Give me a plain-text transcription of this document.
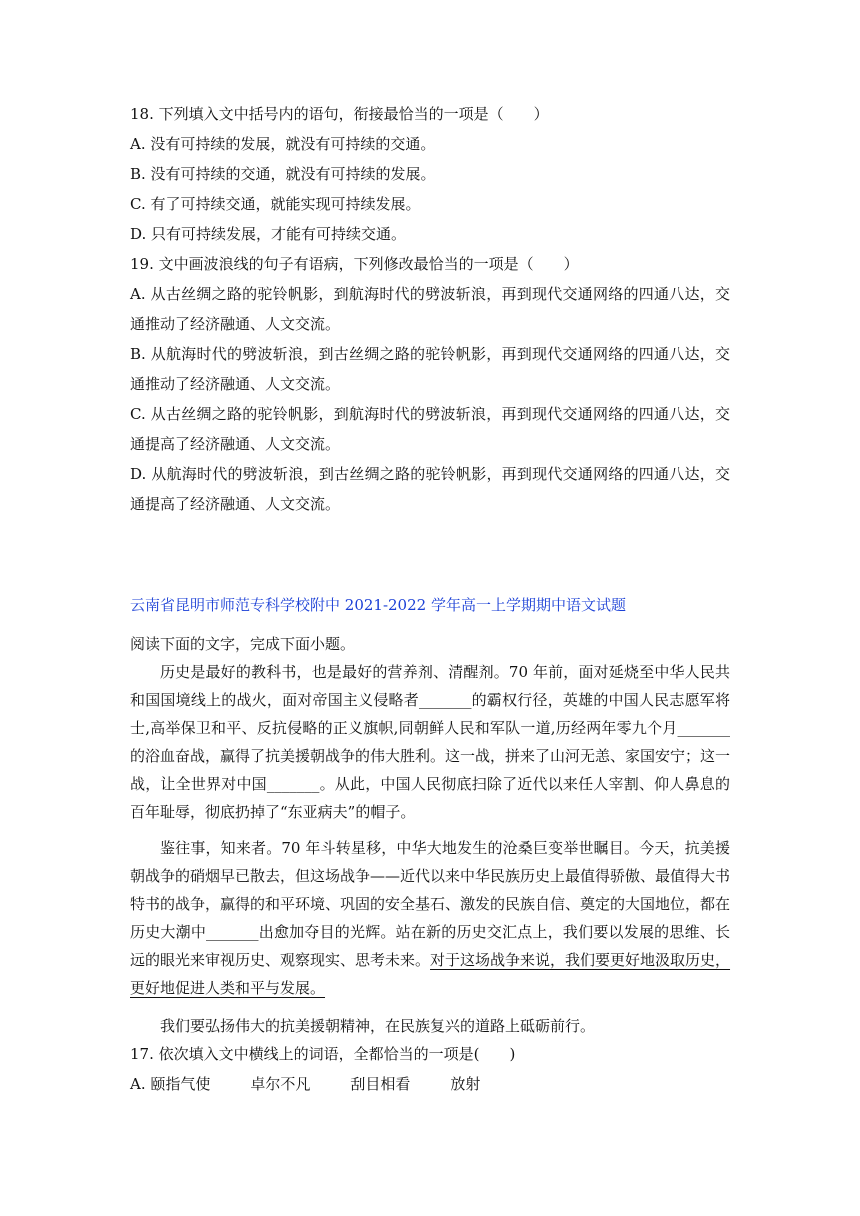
18. 下列填入文中括号内的语句，衔接最恰当的一项是（　　）

A. 没有可持续的发展，就没有可持续的交通。

B. 没有可持续的交通，就没有可持续的发展。

C. 有了可持续交通，就能实现可持续发展。

D. 只有可持续发展，才能有可持续交通。

19. 文中画波浪线的句子有语病，下列修改最恰当的一项是（　　）

A. 从古丝绸之路的驼铃帆影，到航海时代的劈波斩浪，再到现代交通网络的四通八达，交

通推动了经济融通、人文交流。

B. 从航海时代的劈波斩浪，到古丝绸之路的驼铃帆影，再到现代交通网络的四通八达，交

通推动了经济融通、人文交流。

C. 从古丝绸之路的驼铃帆影，到航海时代的劈波斩浪，再到现代交通网络的四通八达，交

通提高了经济融通、人文交流。

D. 从航海时代的劈波斩浪，到古丝绸之路的驼铃帆影，再到现代交通网络的四通八达，交

通提高了经济融通、人文交流。

云南省昆明市师范专科学校附中 2021-2022 学年高一上学期期中语文试题

阅读下面的文字，完成下面小题。

历史是最好的教科书，也是最好的营养剂、清醒剂。70 年前，面对延烧至中华人民共

和国国境线上的战火，面对帝国主义侵略者_______的霸权行径，英雄的中国人民志愿军将

士,高举保卫和平、反抗侵略的正义旗帜,同朝鲜人民和军队一道,历经两年零九个月_______

的浴血奋战，赢得了抗美援朝战争的伟大胜利。这一战，拼来了山河无恙、家国安宁；这一

战，让全世界对中国_______。从此，中国人民彻底扫除了近代以来任人宰割、仰人鼻息的

百年耻辱，彻底扔掉了“东亚病夫”的帽子。

鉴往事，知来者。70 年斗转星移，中华大地发生的沧桑巨变举世瞩目。今天，抗美援

朝战争的硝烟早已散去，但这场战争——近代以来中华民族历史上最值得骄傲、最值得大书

特书的战争，赢得的和平环境、巩固的安全基石、激发的民族自信、奠定的大国地位，都在

历史大潮中_______出愈加夺目的光辉。站在新的历史交汇点上，我们要以发展的思维、长

远的眼光来审视历史、观察现实、思考未来。对于这场战争来说，我们要更好地汲取历史，

更好地促进人类和平与发展。

我们要弘扬伟大的抗美援朝精神，在民族复兴的道路上砥砺前行。

17. 依次填入文中横线上的词语，全都恰当的一项是(　　)

A. 颐指气使	卓尔不凡	刮目相看	放射
